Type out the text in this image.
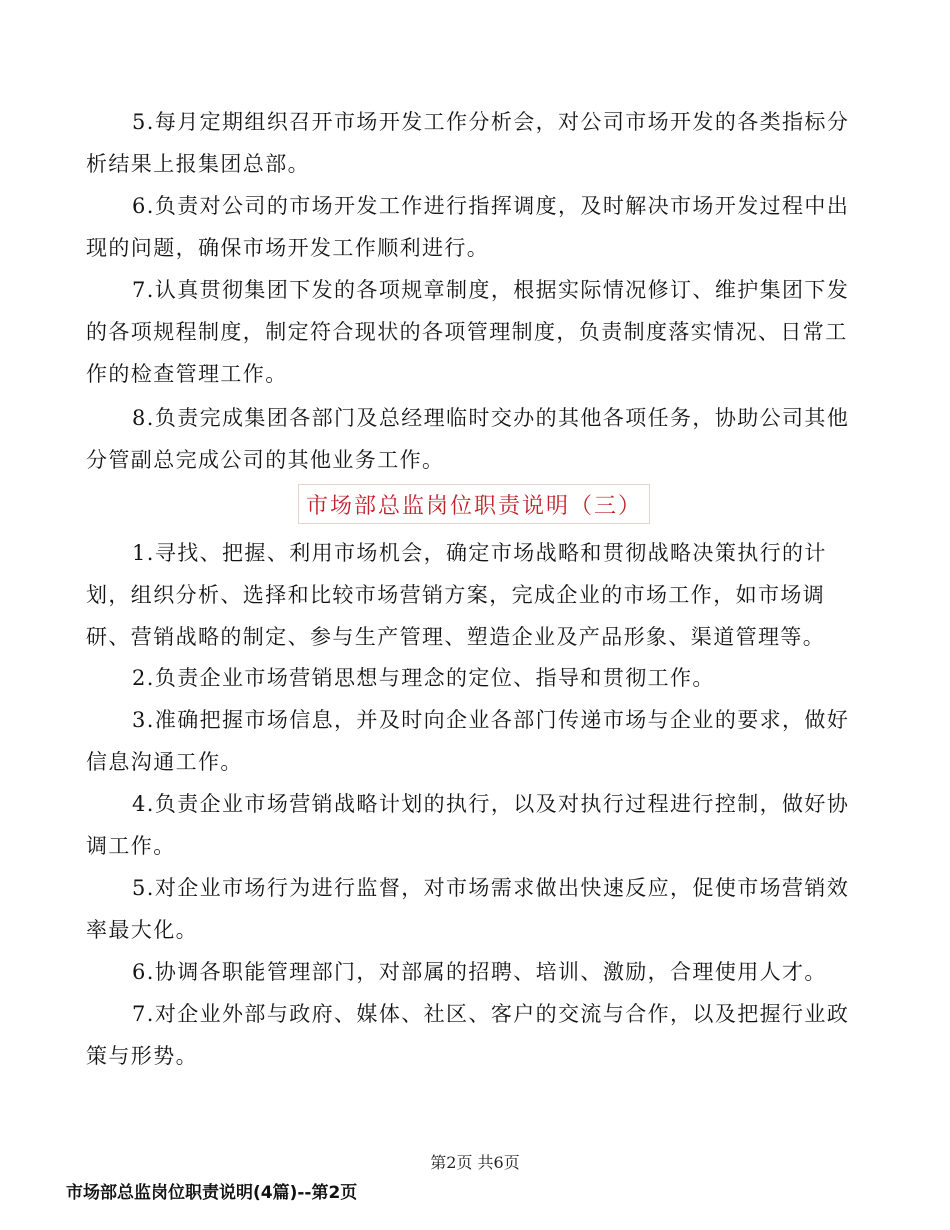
5.每月定期组织召开市场开发工作分析会，对公司市场开发的各类指标分析结果上报集团总部。

6.负责对公司的市场开发工作进行指挥调度，及时解决市场开发过程中出现的问题，确保市场开发工作顺利进行。

7.认真贯彻集团下发的各项规章制度，根据实际情况修订、维护集团下发的各项规程制度，制定符合现状的各项管理制度，负责制度落实情况、日常工作的检查管理工作。

8.负责完成集团各部门及总经理临时交办的其他各项任务，协助公司其他分管副总完成公司的其他业务工作。

市场部总监岗位职责说明（三）

1.寻找、把握、利用市场机会，确定市场战略和贯彻战略决策执行的计划，组织分析、选择和比较市场营销方案，完成企业的市场工作，如市场调研、营销战略的制定、参与生产管理、塑造企业及产品形象、渠道管理等。

2.负责企业市场营销思想与理念的定位、指导和贯彻工作。

3.准确把握市场信息，并及时向企业各部门传递市场与企业的要求，做好信息沟通工作。

4.负责企业市场营销战略计划的执行，以及对执行过程进行控制，做好协调工作。

5.对企业市场行为进行监督，对市场需求做出快速反应，促使市场营销效率最大化。

6.协调各职能管理部门，对部属的招聘、培训、激励，合理使用人才。

7.对企业外部与政府、媒体、社区、客户的交流与合作，以及把握行业政策与形势。

第2页 共6页
市场部总监岗位职责说明(4篇)--第2页
